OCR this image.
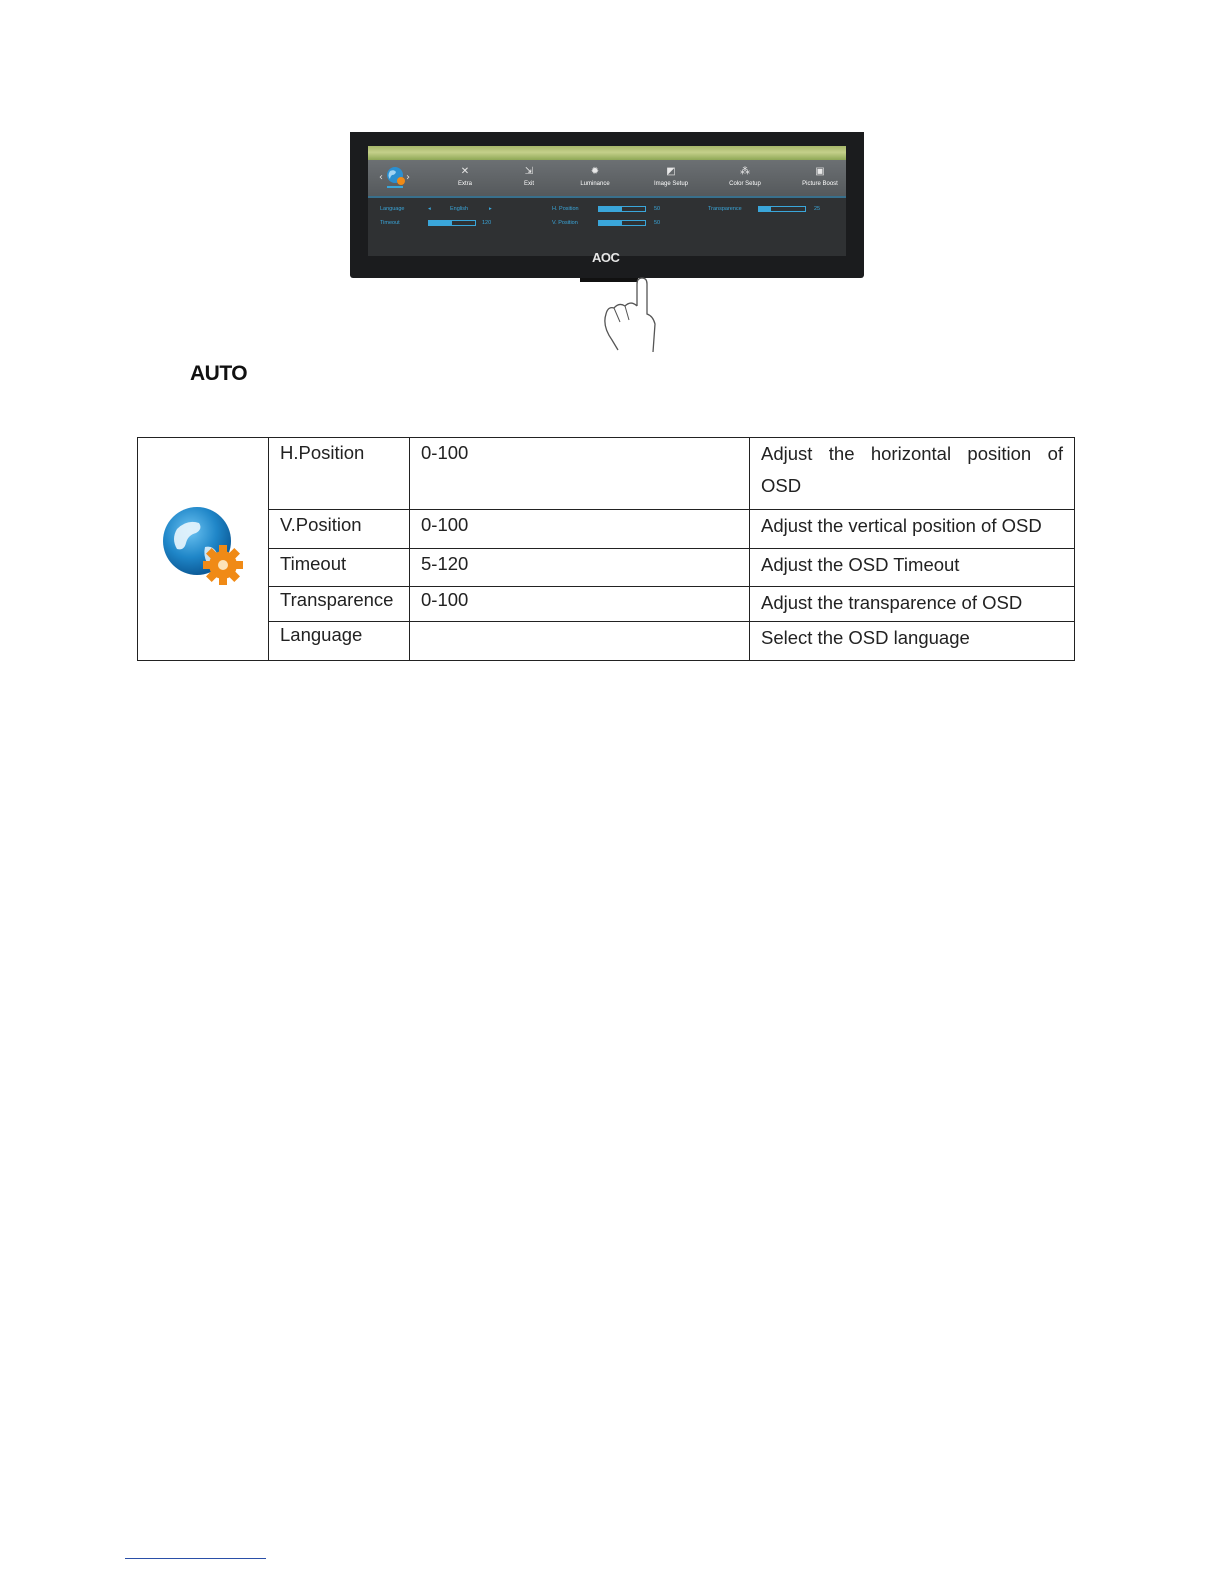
‹ ›
✕
Extra
⇲
Exit
✹
Luminance
◩
Image Setup
⁂
Color Setup
▣
Picture Boost
Language	◂	English	▸
Timeout	120
H. Position	50
V. Position	50
Transparence	25
AOC
AUTO
	H.Position	0-100	Adjust the horizontal position of OSD
	V.Position	0-100	Adjust the vertical position of OSD
	Timeout	5-120	Adjust the OSD Timeout
	Transparence	0-100	Adjust the transparence of OSD
	Language		Select the OSD language
